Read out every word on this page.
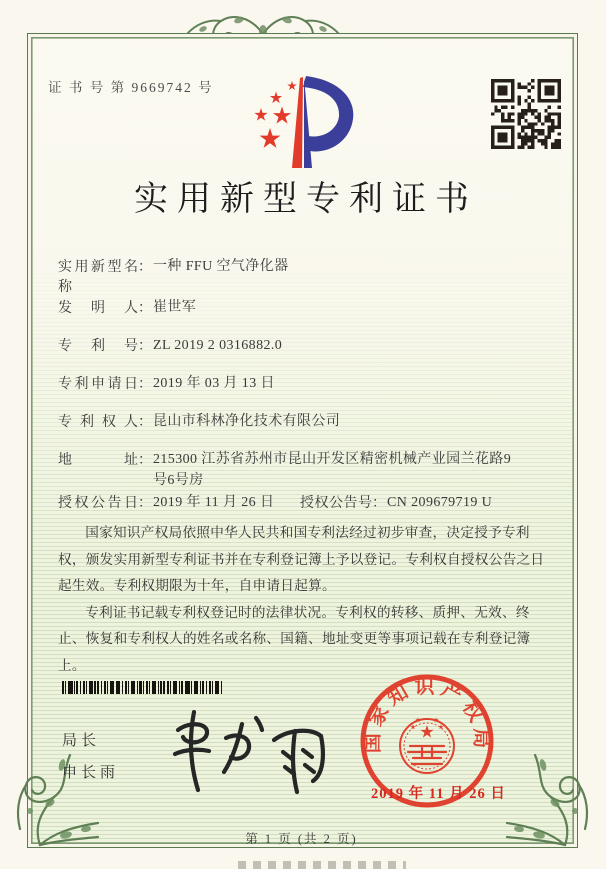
证 书 号 第 9669742 号
实用新型专利证书
实用新型名称：一种 FFU 空气净化器
发明人：崔世军
专利号：ZL 2019 2 0316882.0
专利申请日：2019 年 03 月 13 日
专利权人：昆山市科林净化技术有限公司
地址：215300 江苏省苏州市昆山开发区精密机械产业园兰花路9号6号房
授权公告日：2019 年 11 月 26 日 授权公告号：CN 209679719 U

国家知识产权局依照中华人民共和国专利法经过初步审查，决定授予专利权，颁发实用新型专利证书并在专利登记簿上予以登记。专利权自授权公告之日起生效。专利权期限为十年，自申请日起算。

专利证书记载专利权登记时的法律状况。专利权的转移、质押、无效、终止、恢复和专利权人的姓名或名称、国籍、地址变更等事项记载在专利登记簿上。

局长
申长雨
国家知识产权局
2019 年 11 月 26 日
第 1 页 (共 2 页)
